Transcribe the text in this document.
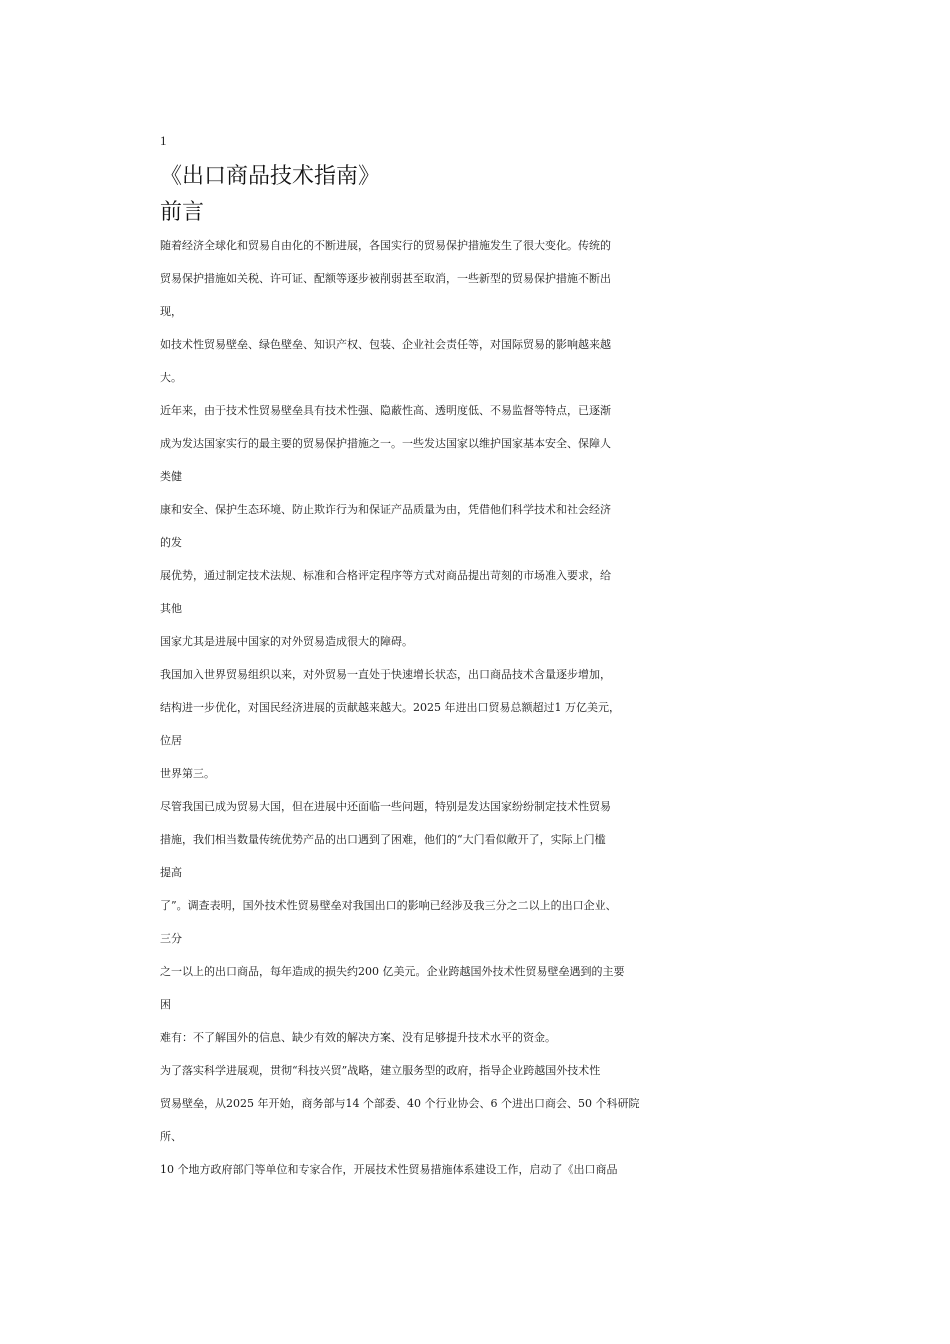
1
《出口商品技术指南》
前言
随着经济全球化和贸易自由化的不断进展，各国实行的贸易保护措施发生了很大变化。传统的
贸易保护措施如关税、许可证、配额等逐步被削弱甚至取消，一些新型的贸易保护措施不断出
现，
如技术性贸易壁垒、绿色壁垒、知识产权、包装、企业社会责任等，对国际贸易的影响越来越
大。
近年来，由于技术性贸易壁垒具有技术性强、隐蔽性高、透明度低、不易监督等特点，已逐渐
成为发达国家实行的最主要的贸易保护措施之一。一些发达国家以维护国家基本安全、保障人
类健
康和安全、保护生态环境、防止欺诈行为和保证产品质量为由，凭借他们科学技术和社会经济
的发
展优势，通过制定技术法规、标准和合格评定程序等方式对商品提出苛刻的市场准入要求，给
其他
国家尤其是进展中国家的对外贸易造成很大的障碍。
我国加入世界贸易组织以来，对外贸易一直处于快速增长状态，出口商品技术含量逐步增加，
结构进一步优化，对国民经济进展的贡献越来越大。2025 年进出口贸易总额超过1 万亿美元，
位居
世界第三。
尽管我国已成为贸易大国，但在进展中还面临一些问题，特别是发达国家纷纷制定技术性贸易
措施，我们相当数量传统优势产品的出口遇到了困难，他们的“大门看似敞开了，实际上门槛
提高
了”。调查表明，国外技术性贸易壁垒对我国出口的影响已经涉及我三分之二以上的出口企业、
三分
之一以上的出口商品，每年造成的损失约200 亿美元。企业跨越国外技术性贸易壁垒遇到的主要
困
难有：不了解国外的信息、缺少有效的解决方案、没有足够提升技术水平的资金。
为了落实科学进展观，贯彻“科技兴贸”战略，建立服务型的政府，指导企业跨越国外技术性
贸易壁垒，从2025 年开始，商务部与14 个部委、40 个行业协会、6 个进出口商会、50 个科研院
所、
10 个地方政府部门等单位和专家合作，开展技术性贸易措施体系建设工作，启动了《出口商品
